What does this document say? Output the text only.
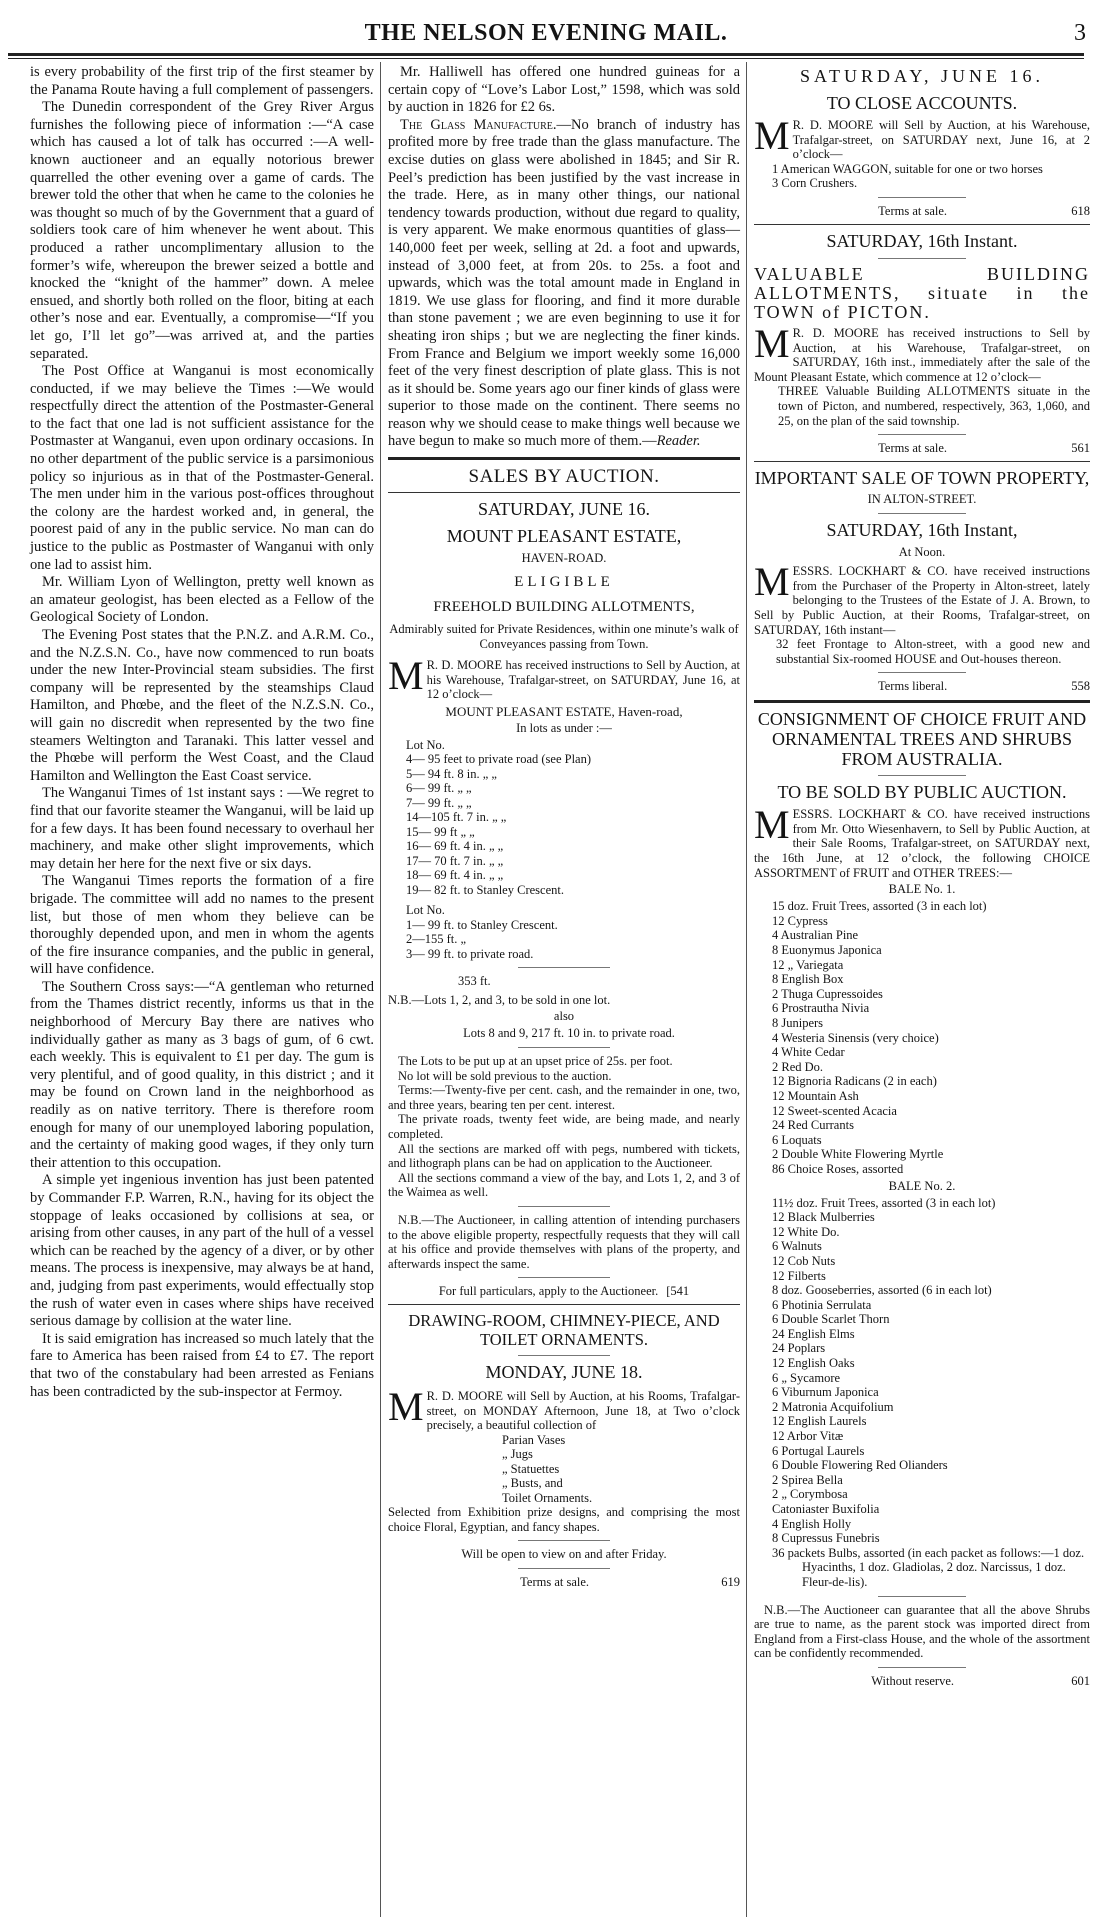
THE NELSON EVENING MAIL.	3

is every probability of the first trip of the first steamer by the Panama Route having a full complement of passengers.

The Dunedin correspondent of the Grey River Argus furnishes the following piece of information :—“A case which has caused a lot of talk has occurred :—A well-known auctioneer and an equally notorious brewer quarrelled the other evening over a game of cards. The brewer told the other that when he came to the colonies he was thought so much of by the Government that a guard of soldiers took care of him whenever he went about. This produced a rather uncomplimentary allusion to the former’s wife, whereupon the brewer seized a bottle and knocked the “knight of the hammer” down. A melee ensued, and shortly both rolled on the floor, biting at each other’s nose and ear. Eventually, a compromise—“If you let go, I’ll let go”—was arrived at, and the parties separated.

The Post Office at Wanganui is most economically conducted, if we may believe the Times :—We would respectfully direct the attention of the Postmaster-General to the fact that one lad is not sufficient assistance for the Postmaster at Wanganui, even upon ordinary occasions. In no other department of the public service is a parsimonious policy so injurious as in that of the Postmaster-General. The men under him in the various post-offices throughout the colony are the hardest worked and, in general, the poorest paid of any in the public service. No man can do justice to the public as Postmaster of Wanganui with only one lad to assist him.

Mr. William Lyon of Wellington, pretty well known as an amateur geologist, has been elected as a Fellow of the Geological Society of London.

The Evening Post states that the P.N.Z. and A.R.M. Co., and the N.Z.S.N. Co., have now commenced to run boats under the new Inter-Provincial steam subsidies. The first company will be represented by the steamships Claud Hamilton, and Phœbe, and the fleet of the N.Z.S.N. Co., will gain no discredit when represented by the two fine steamers Weltington and Taranaki. This latter vessel and the Phœbe will perform the West Coast, and the Claud Hamilton and Wellington the East Coast service.

The Wanganui Times of 1st instant says : —We regret to find that our favorite steamer the Wanganui, will be laid up for a few days. It has been found necessary to overhaul her machinery, and make other slight improvements, which may detain her here for the next five or six days.

The Wanganui Times reports the formation of a fire brigade. The committee will add no names to the present list, but those of men whom they believe can be thoroughly depended upon, and men in whom the agents of the fire insurance companies, and the public in general, will have confidence.

The Southern Cross says:—“A gentleman who returned from the Thames district recently, informs us that in the neighborhood of Mercury Bay there are natives who individually gather as many as 3 bags of gum, of 6 cwt. each weekly. This is equivalent to £1 per day. The gum is very plentiful, and of good quality, in this district ; and it may be found on Crown land in the neighborhood as readily as on native territory. There is therefore room enough for many of our unemployed laboring population, and the certainty of making good wages, if they only turn their attention to this occupation.

A simple yet ingenious invention has just been patented by Commander F.P. Warren, R.N., having for its object the stoppage of leaks occasioned by collisions at sea, or arising from other causes, in any part of the hull of a vessel which can be reached by the agency of a diver, or by other means. The process is inexpensive, may always be at hand, and, judging from past experiments, would effectually stop the rush of water even in cases where ships have received serious damage by collision at the water line.

It is said emigration has increased so much lately that the fare to America has been raised from £4 to £7. The report that two of the constabulary had been arrested as Fenians has been contradicted by the sub-inspector at Fermoy.

Mr. Halliwell has offered one hundred guineas for a certain copy of “Love’s Labor Lost,” 1598, which was sold by auction in 1826 for £2 6s.

The Glass Manufacture.—No branch of industry has profited more by free trade than the glass manufacture. The excise duties on glass were abolished in 1845; and Sir R. Peel’s prediction has been justified by the vast increase in the trade. Here, as in many other things, our national tendency towards production, without due regard to quality, is very apparent. We make enormous quantities of glass—140,000 feet per week, selling at 2d. a foot and upwards, instead of 3,000 feet, at from 20s. to 25s. a foot and upwards, which was the total amount made in England in 1819. We use glass for flooring, and find it more durable than stone pavement ; we are even beginning to use it for sheating iron ships ; but we are neglecting the finer kinds. From France and Belgium we import weekly some 16,000 feet of the very finest description of plate glass. This is not as it should be. Some years ago our finer kinds of glass were superior to those made on the continent. There seems no reason why we should cease to make things well because we have begun to make so much more of them.—Reader.

SALES BY AUCTION.
SATURDAY, JUNE 16.
MOUNT PLEASANT ESTATE,
HAVEN-ROAD.
ELIGIBLE
FREEHOLD BUILDING ALLOTMENTS,
Admirably suited for Private Residences, within one minute’s walk of Conveyances passing from Town.
M R. D. MOORE has received instructions to Sell by Auction, at his Warehouse, Trafalgar-street, on SATURDAY, June 16, at 12 o’clock—

MOUNT PLEASANT ESTATE, Haven-road,
In lots as under :—
Lot No.
4— 95 feet to private road (see Plan)
5— 94 ft. 8 in. „ „
6— 99 ft. „ „
7— 99 ft. „ „
14—105 ft. 7 in. „ „
15— 99 ft „ „
16— 69 ft. 4 in. „ „
17— 70 ft. 7 in. „ „
18— 69 ft. 4 in. „ „
19— 82 ft. to Stanley Crescent.
Lot No.
1— 99 ft. to Stanley Crescent.
2—155 ft. „
3— 99 ft. to private road.
353 ft.

N.B.—Lots 1, 2, and 3, to be sold in one lot.

also

Lots 8 and 9, 217 ft. 10 in. to private road.

The Lots to be put up at an upset price of 25s. per foot.

No lot will be sold previous to the auction.

Terms:—Twenty-five per cent. cash, and the remainder in one, two, and three years, bearing ten per cent. interest.

The private roads, twenty feet wide, are being made, and nearly completed.

All the sections are marked off with pegs, numbered with tickets, and lithograph plans can be had on application to the Auctioneer.

All the sections command a view of the bay, and Lots 1, 2, and 3 of the Waimea as well.

N.B.—The Auctioneer, in calling attention of intending purchasers to the above eligible property, respectfully requests that they will call at his office and provide themselves with plans of the property, and afterwards inspect the same.

For full particulars, apply to the Auctioneer. [541
DRAWING-ROOM, CHIMNEY-PIECE, AND TOILET ORNAMENTS.
MONDAY, JUNE 18.
M R. D. MOORE will Sell by Auction, at his Rooms, Trafalgar-street, on MONDAY Afternoon, June 18, at Two o’clock precisely, a beautiful collection of

Parian Vases
„ Jugs
„ Statuettes
„ Busts, and
Toilet Ornaments.

Selected from Exhibition prize designs, and comprising the most choice Floral, Egyptian, and fancy shapes.

Will be open to view on and after Friday.
Terms at sale.	619
SATURDAY, JUNE 16.
TO CLOSE ACCOUNTS.
M R. D. MOORE will Sell by Auction, at his Warehouse, Trafalgar-street, on SATURDAY next, June 16, at 2 o’clock—

1 American WAGGON, suitable for one or two horses
3 Corn Crushers.
Terms at sale.	618
SATURDAY, 16th Instant.
VALUABLE BUILDING ALLOTMENTS, situate in the TOWN of PICTON.
M R. D. MOORE has received instructions to Sell by Auction, at his Warehouse, Trafalgar-street, on SATURDAY, 16th inst., immediately after the sale of the Mount Pleasant Estate, which commence at 12 o’clock—

THREE Valuable Building ALLOTMENTS situate in the town of Picton, and numbered, respectively, 363, 1,060, and 25, on the plan of the said township.

Terms at sale.	561
IMPORTANT SALE OF TOWN PROPERTY,
IN ALTON-STREET.
SATURDAY, 16th Instant,
At Noon.
M ESSRS. LOCKHART & CO. have received instructions from the Purchaser of the Property in Alton-street, lately belonging to the Trustees of the Estate of J. A. Brown, to Sell by Public Auction, at their Rooms, Trafalgar-street, on SATURDAY, 16th instant—

32 feet Frontage to Alton-street, with a good new and substantial Six-roomed HOUSE and Out-houses thereon.

Terms liberal.	558
CONSIGNMENT OF CHOICE FRUIT AND ORNAMENTAL TREES AND SHRUBS FROM AUSTRALIA.
TO BE SOLD BY PUBLIC AUCTION.
M ESSRS. LOCKHART & CO. have received instructions from Mr. Otto Wiesenhavern, to Sell by Public Auction, at their Sale Rooms, Trafalgar-street, on SATURDAY next, the 16th June, at 12 o’clock, the following CHOICE ASSORTMENT of FRUIT and OTHER TREES:—

BALE No. 1.
15 doz. Fruit Trees, assorted (3 in each lot)
12 Cypress
4 Australian Pine
8 Euonymus Japonica
12 „ Variegata
8 English Box
2 Thuga Cupressoides
6 Prostrautha Nivia
8 Junipers
4 Westeria Sinensis (very choice)
4 White Cedar
2 Red Do.
12 Bignoria Radicans (2 in each)
12 Mountain Ash
12 Sweet-scented Acacia
24 Red Currants
6 Loquats
2 Double White Flowering Myrtle
86 Choice Roses, assorted
BALE No. 2.
11½ doz. Fruit Trees, assorted (3 in each lot)
12 Black Mulberries
12 White Do.
6 Walnuts
12 Cob Nuts
12 Filberts
8 doz. Gooseberries, assorted (6 in each lot)
6 Photinia Serrulata
6 Double Scarlet Thorn
24 English Elms
24 Poplars
12 English Oaks
6 „ Sycamore
6 Viburnum Japonica
2 Matronia Acquifolium
12 English Laurels
12 Arbor Vitæ
6 Portugal Laurels
6 Double Flowering Red Olianders
2 Spirea Bella
2 „ Corymbosa
Catoniaster Buxifolia
4 English Holly
8 Cupressus Funebris
36 packets Bulbs, assorted (in each packet as follows:—1 doz. Hyacinths, 1 doz. Gladiolas, 2 doz. Narcissus, 1 doz. Fleur-de-lis).

N.B.—The Auctioneer can guarantee that all the above Shrubs are true to name, as the parent stock was imported direct from England from a First-class House, and the whole of the assortment can be confidently recommended.

Without reserve.	601
